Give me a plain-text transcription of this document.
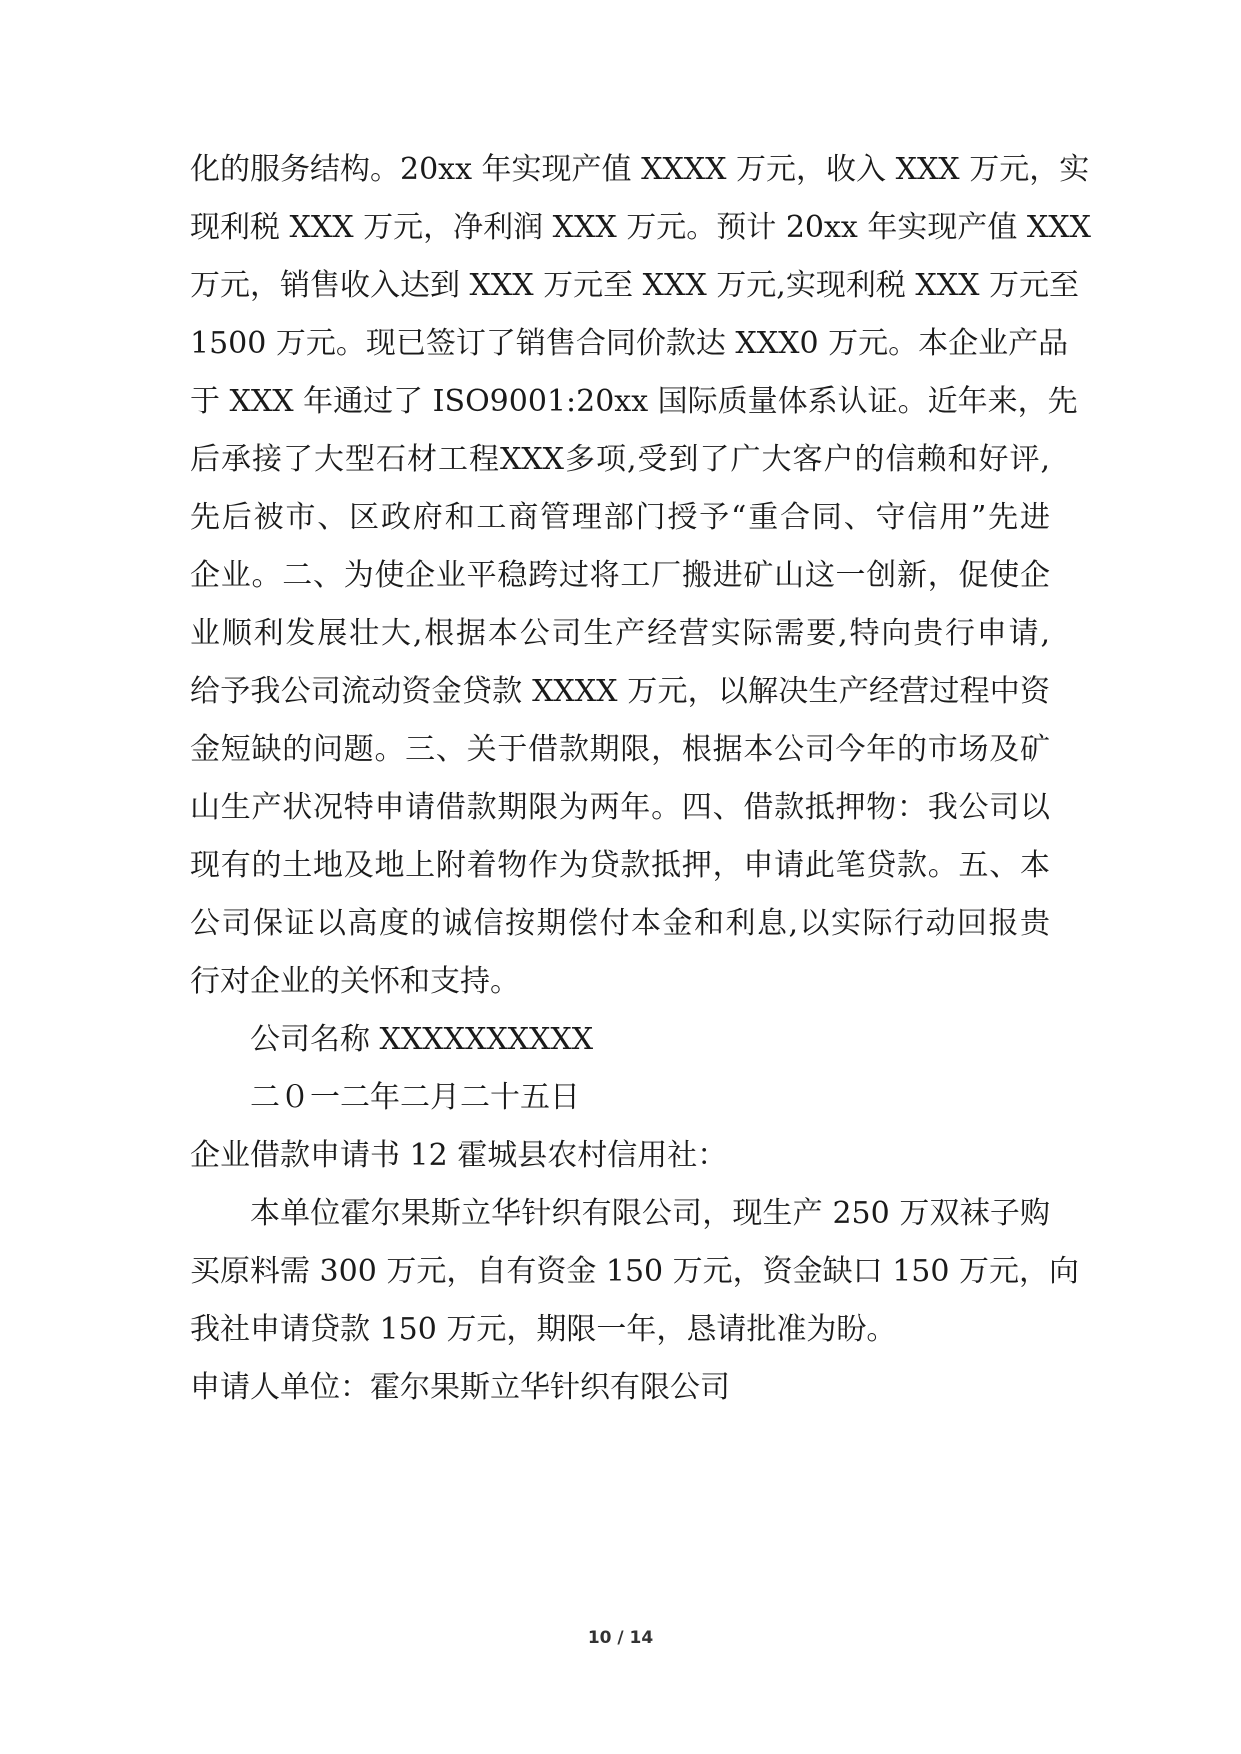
化的服务结构。20xx 年实现产值 XXXX 万元，收入 XXX 万元，实
现利税 XXX 万元，净利润 XXX 万元。预计 20xx 年实现产值 XXX
万元，销售收入达到 XXX 万元至 XXX 万元,实现利税 XXX 万元至
1500 万元。现已签订了销售合同价款达 XXX0 万元。本企业产品
于 XXX 年通过了 ISO9001:20xx 国际质量体系认证。近年来，先
后承接了大型石材工程XXX多项,受到了广大客户的信赖和好评,
先后被市、区政府和工商管理部门授予“重合同、守信用”先进
企业。二、为使企业平稳跨过将工厂搬进矿山这一创新，促使企
业顺利发展壮大,根据本公司生产经营实际需要,特向贵行申请,
给予我公司流动资金贷款 XXXX 万元，以解决生产经营过程中资
金短缺的问题。三、关于借款期限，根据本公司今年的市场及矿
山生产状况特申请借款期限为两年。四、借款抵押物：我公司以
现有的土地及地上附着物作为贷款抵押，申请此笔贷款。五、本
公司保证以高度的诚信按期偿付本金和利息,以实际行动回报贵
行对企业的关怀和支持。
公司名称 XXXXXXXXXX
二０一二年二月二十五日
企业借款申请书 12 霍城县农村信用社：
本单位霍尔果斯立华针织有限公司，现生产 250 万双袜子购
买原料需 300 万元，自有资金 150 万元，资金缺口 150 万元，向
我社申请贷款 150 万元，期限一年，恳请批准为盼。
申请人单位：霍尔果斯立华针织有限公司
10 / 14
